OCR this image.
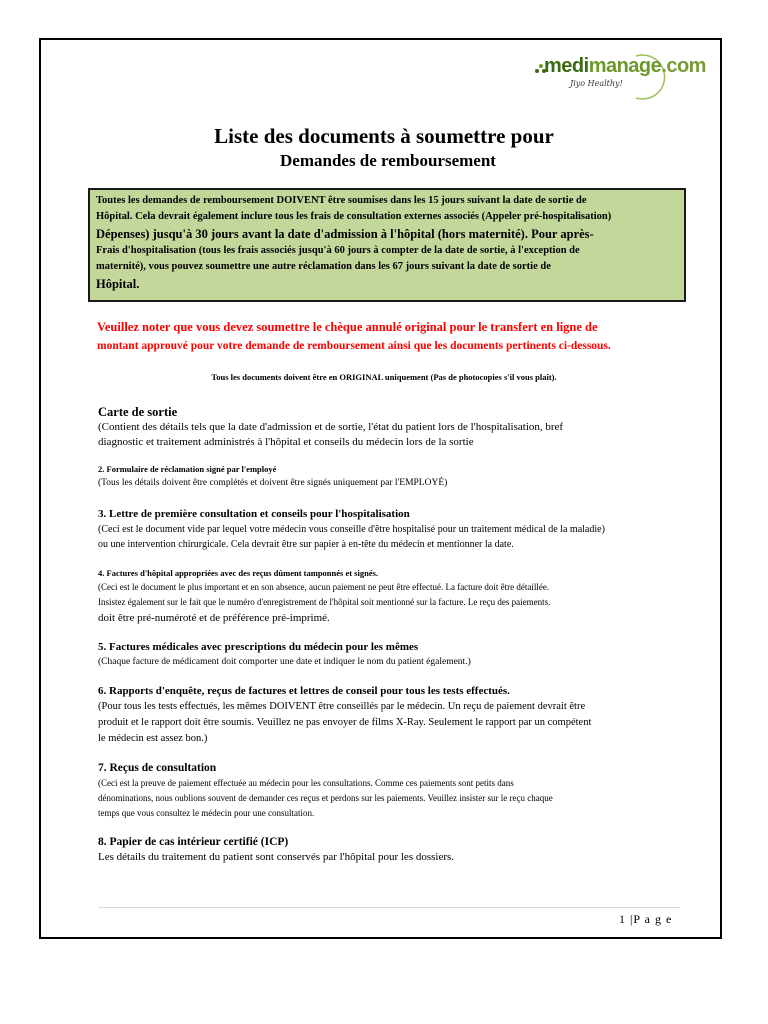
medimanage.com
Jiyo Healthy!
Liste des documents à soumettre pour
Demandes de remboursement

Toutes les demandes de remboursement DOIVENT être soumises dans les 15 jours suivant la date de sortie de

Hôpital. Cela devrait également inclure tous les frais de consultation externes associés (Appeler pré-hospitalisation)

Dépenses) jusqu'à 30 jours avant la date d'admission à l'hôpital (hors maternité). Pour après-

Frais d'hospitalisation (tous les frais associés jusqu'à 60 jours à compter de la date de sortie, à l'exception de

maternité), vous pouvez soumettre une autre réclamation dans les 67 jours suivant la date de sortie de

Hôpital.

Veuillez noter que vous devez soumettre le chèque annulé original pour le transfert en ligne de

montant approuvé pour votre demande de remboursement ainsi que les documents pertinents ci-dessous.

Tous les documents doivent être en ORIGINAL uniquement (Pas de photocopies s'il vous plaît).

Carte de sortie

(Contient des détails tels que la date d'admission et de sortie, l'état du patient lors de l'hospitalisation, bref

diagnostic et traitement administrés à l'hôpital et conseils du médecin lors de la sortie

2. Formulaire de réclamation signé par l'employé

(Tous les détails doivent être complétés et doivent être signés uniquement par l'EMPLOYÉ)

3. Lettre de première consultation et conseils pour l'hospitalisation

(Ceci est le document vide par lequel votre médecin vous conseille d'être hospitalisé pour un traitement médical de la maladie)

ou une intervention chirurgicale. Cela devrait être sur papier à en-tête du médecin et mentionner la date.

4. Factures d'hôpital appropriées avec des reçus dûment tamponnés et signés.

(Ceci est le document le plus important et en son absence, aucun paiement ne peut être effectué. La facture doit être détaillée.

Insistez également sur le fait que le numéro d'enregistrement de l'hôpital soit mentionné sur la facture. Le reçu des paiements.

doit être pré-numéroté et de préférence pré-imprimé.

5. Factures médicales avec prescriptions du médecin pour les mêmes

(Chaque facture de médicament doit comporter une date et indiquer le nom du patient également.)

6. Rapports d'enquête, reçus de factures et lettres de conseil pour tous les tests effectués.

(Pour tous les tests effectués, les mêmes DOIVENT être conseillés par le médecin. Un reçu de paiement devrait être

produit et le rapport doit être soumis. Veuillez ne pas envoyer de films X-Ray. Seulement le rapport par un compétent

le médecin est assez bon.)

7. Reçus de consultation

(Ceci est la preuve de paiement effectuée au médecin pour les consultations. Comme ces paiements sont petits dans

dénominations, nous oublions souvent de demander ces reçus et perdons sur les paiements. Veuillez insister sur le reçu chaque

temps que vous consultez le médecin pour une consultation.

8. Papier de cas intérieur certifié (ICP)

Les détails du traitement du patient sont conservés par l'hôpital pour les dossiers.

1 |P a g e
